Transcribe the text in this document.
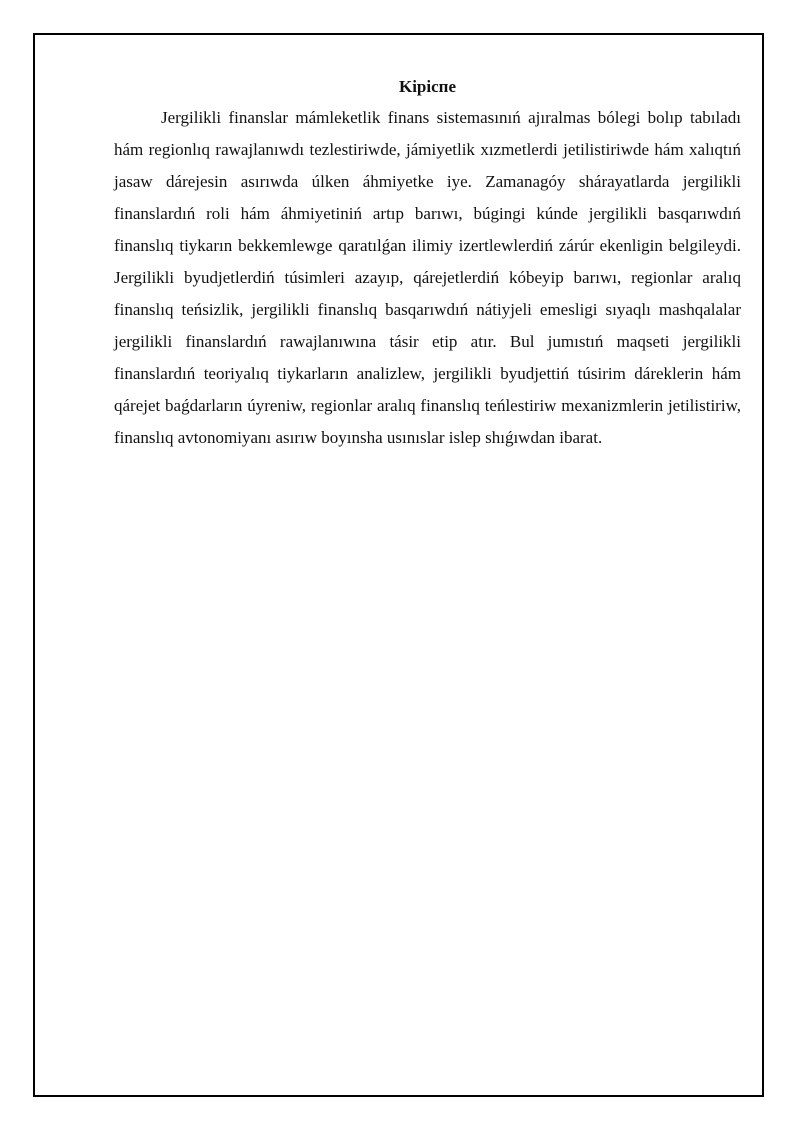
Kipicпе

Jergilikli finanslar mámleketlik finans sistemasınıń ajıralmas bólegi bolıp tabıladı hám regionlıq rawajlanıwdı tezlestiriwde, jámiyetlik xızmetlerdi jetilistiriwde hám xalıqtıń jasaw dárejesin asırıwda úlken áhmiyetke iye. Zamanagóy shárayatlarda jergilikli finanslardıń roli hám áhmiyetiniń artıp barıwı, búgingi kúnde jergilikli basqarıwdıń finanslıq tiykarın bekkemlewge qaratılǵan ilimiy izertlewlerdiń zárúr ekenligin belgileydi. Jergilikli byudjetlerdiń túsimleri azayıp, qárejetlerdiń kóbeyip barıwı, regionlar aralıq finanslıq teńsizlik, jergilikli finanslıq basqarıwdıń nátiyjeli emesligi sıyaqlı mashqalalar jergilikli finanslardıń rawajlanıwına tásir etip atır. Bul jumıstıń maqseti jergilikli finanslardıń teoriyalıq tiykarların analizlew, jergilikli byudjettiń túsirim dáreklerin hám qárejet baǵdarların úyreniw, regionlar aralıq finanslıq teńlestiriw mexanizmlerin jetilistiriw, finanslıq avtonomiyanı asırıw boyınsha usınıslar islep shıǵıwdan ibarat.
